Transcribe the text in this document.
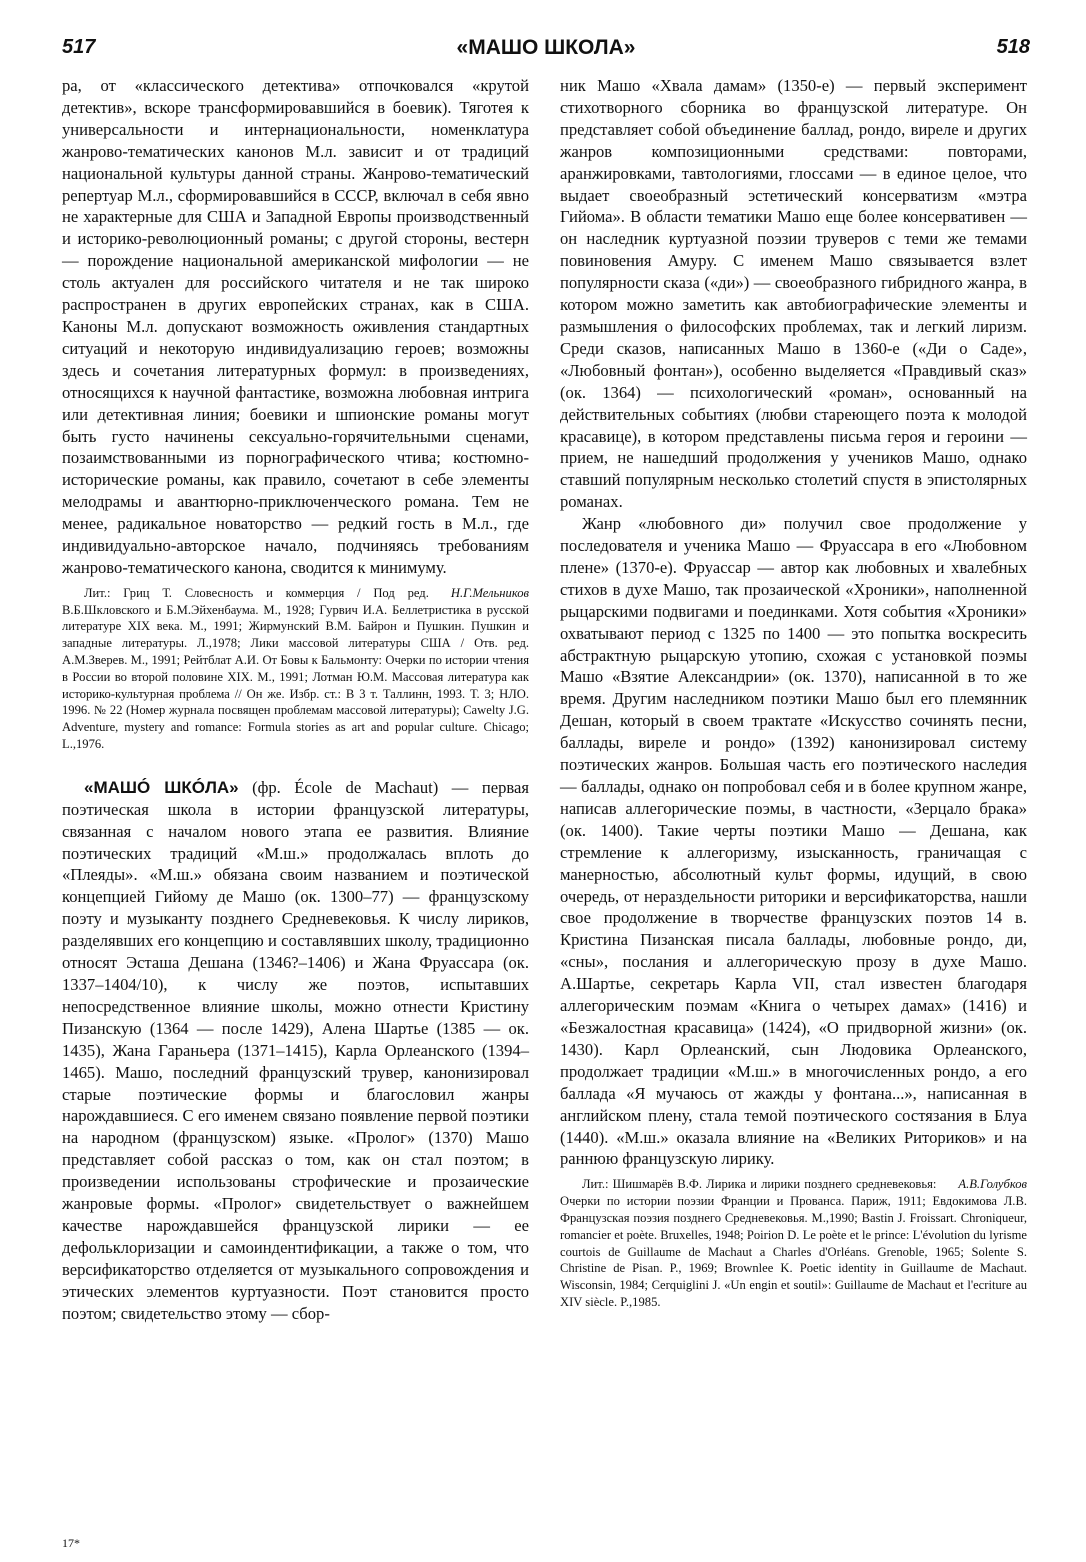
517	«МАШО ШКОЛА»	518

ра, от «классического детектива» отпочковался «крутой детектив», вскоре трансформировавшийся в боевик). Тяготея к универсальности и интернациональности, номенклатура жанрово-тематических канонов М.л. зависит и от традиций национальной культуры данной страны. Жанрово-тематический репертуар М.л., сформировавшийся в СССР, включал в себя явно не характерные для США и Западной Европы производственный и историко-революционный романы; с другой стороны, вестерн — порождение национальной американской мифологии — не столь актуален для российского читателя и не так широко распространен в других европейских странах, как в США. Каноны М.л. допускают возможность оживления стандартных ситуаций и некоторую индивидуализацию героев; возможны здесь и сочетания литературных формул: в произведениях, относящихся к научной фантастике, возможна любовная интрига или детективная линия; боевики и шпионские романы могут быть густо начинены сексуально-горячительными сценами, позаимствованными из порнографического чтива; костюмно-исторические романы, как правило, сочетают в себе элементы мелодрамы и авантюрно-приключенческого романа. Тем не менее, радикальное новаторство — редкий гость в М.л., где индивидуально-авторское начало, подчиняясь требованиям жанрово-тематического канона, сводится к минимуму.

Н.Г.Мельников
Лит.: Гриц Т. Словесность и коммерция / Под ред. В.Б.Шкловского и Б.М.Эйхенбаума. М., 1928; Гурвич И.А. Беллетристика в русской литературе XIX века. М., 1991; Жирмунский В.М. Байрон и Пушкин. Пушкин и западные литературы. Л.,1978; Лики массовой литературы США / Отв. ред. А.М.Зверев. М., 1991; Рейтблат А.И. От Бовы к Бальмонту: Очерки по истории чтения в России во второй половине XIX. М., 1991; Лотман Ю.М. Массовая литература как историко-культурная проблема // Он же. Избр. ст.: В 3 т. Таллинн, 1993. Т. 3; НЛО. 1996. № 22 (Номер журнала посвящен проблемам массовой литературы); Cawelty J.G. Adventure, mystery and romance: Formula stories as art and popular culture. Chicago; L.,1976.

«МАШÓ ШКÓЛА» (фр. École de Machaut) — первая поэтическая школа в истории французской литературы, связанная с началом нового этапа ее развития. Влияние поэтических традиций «М.ш.» продолжалась вплоть до «Плеяды». «М.ш.» обязана своим названием и поэтической концепцией Гийому де Машо (ок. 1300–77) — французскому поэту и музыканту позднего Средневековья. К числу лириков, разделявших его концепцию и составлявших школу, традиционно относят Эсташа Дешана (1346?–1406) и Жана Фруассара (ок. 1337–1404/10), к числу же поэтов, испытавших непосредственное влияние школы, можно отнести Кристину Пизанскую (1364 — после 1429), Алена Шартье (1385 — ок. 1435), Жана Гараньера (1371–1415), Карла Орлеанского (1394–1465). Машо, последний французский трувер, канонизировал старые поэтические формы и благословил жанры нарождавшиеся. С его именем связано появление первой поэтики на народном (французском) языке. «Пролог» (1370) Машо представляет собой рассказ о том, как он стал поэтом; в произведении использованы строфические и прозаические жанровые формы. «Пролог» свидетельствует о важнейшем качестве нарождавшейся французской лирики — ее дефольклоризации и самоиндентификации, а также о том, что версификаторство отделяется от музыкального сопровождения и этических элементов куртуазности. Поэт становится просто поэтом; свидетельство этому — сбор-

ник Машо «Хвала дамам» (1350-е) — первый эксперимент стихотворного сборника во французской литературе. Он представляет собой объединение баллад, рондо, виреле и других жанров композиционными средствами: повторами, аранжировками, тавтологиями, глоссами — в единое целое, что выдает своеобразный эстетический консерватизм «мэтра Гийома». В области тематики Машо еще более консервативен — он наследник куртуазной поэзии труверов с теми же темами повиновения Амуру. С именем Машо связывается взлет популярности сказа («ди») — своеобразного гибридного жанра, в котором можно заметить как автобиографические элементы и размышления о философских проблемах, так и легкий лиризм. Среди сказов, написанных Машо в 1360-е («Ди о Саде», «Любовный фонтан»), особенно выделяется «Правдивый сказ» (ок. 1364) — психологический «роман», основанный на действительных событиях (любви стареющего поэта к молодой красавице), в котором представлены письма героя и героини — прием, не нашедший продолжения у учеников Машо, однако ставший популярным несколько столетий спустя в эпистолярных романах.

Жанр «любовного ди» получил свое продолжение у последователя и ученика Машо — Фруассара в его «Любовном плене» (1370-е). Фруассар — автор как любовных и хвалебных стихов в духе Машо, так прозаической «Хроники», наполненной рыцарскими подвигами и поединками. Хотя события «Хроники» охватывают период с 1325 по 1400 — это попытка воскресить абстрактную рыцарскую утопию, схожая с установкой поэмы Машо «Взятие Александрии» (ок. 1370), написанной в то же время. Другим наследником поэтики Машо был его племянник Дешан, который в своем трактате «Искусство сочинять песни, баллады, виреле и рондо» (1392) канонизировал систему поэтических жанров. Большая часть его поэтического наследия — баллады, однако он попробовал себя и в более крупном жанре, написав аллегорические поэмы, в частности, «Зерцало брака» (ок. 1400). Такие черты поэтики Машо — Дешана, как стремление к аллегоризму, изысканность, граничащая с манерностью, абсолютный культ формы, идущий, в свою очередь, от нераздельности риторики и версификаторства, нашли свое продолжение в творчестве французских поэтов 14 в. Кристина Пизанская писала баллады, любовные рондо, ди, «сны», послания и аллегорическую прозу в духе Машо. А.Шартье, секретарь Карла VII, стал известен благодаря аллегорическим поэмам «Книга о четырех дамах» (1416) и «Безжалостная красавица» (1424), «О придворной жизни» (ок. 1430). Карл Орлеанский, сын Людовика Орлеанского, продолжает традиции «М.ш.» в многочисленных рондо, а его баллада «Я мучаюсь от жажды у фонтана...», написанная в английском плену, стала темой поэтического состязания в Блуа (1440). «М.ш.» оказала влияние на «Великих Риториков» и на раннюю французскую лирику.

А.В.Голубков
Лит.: Шишмарёв В.Ф. Лирика и лирики позднего средневековья: Очерки по истории поэзии Франции и Прованса. Париж, 1911; Евдокимова Л.В. Французская поэзия позднего Средневековья. М.,1990; Bastin J. Froissart. Chroniqueur, romancier et poète. Bruxelles, 1948; Poirion D. Le poète et le prince: L'évolution du lyrisme courtois de Guillaume de Machaut a Charles d'Orléans. Grenoble, 1965; Solente S. Christine de Pisan. P., 1969; Brownlee K. Poetic identity in Guillaume de Machaut. Wisconsin, 1984; Cerquiglini J. «Un engin et soutil»: Guillaume de Machaut et l'ecriture au XIV siècle. P.,1985.

17*
